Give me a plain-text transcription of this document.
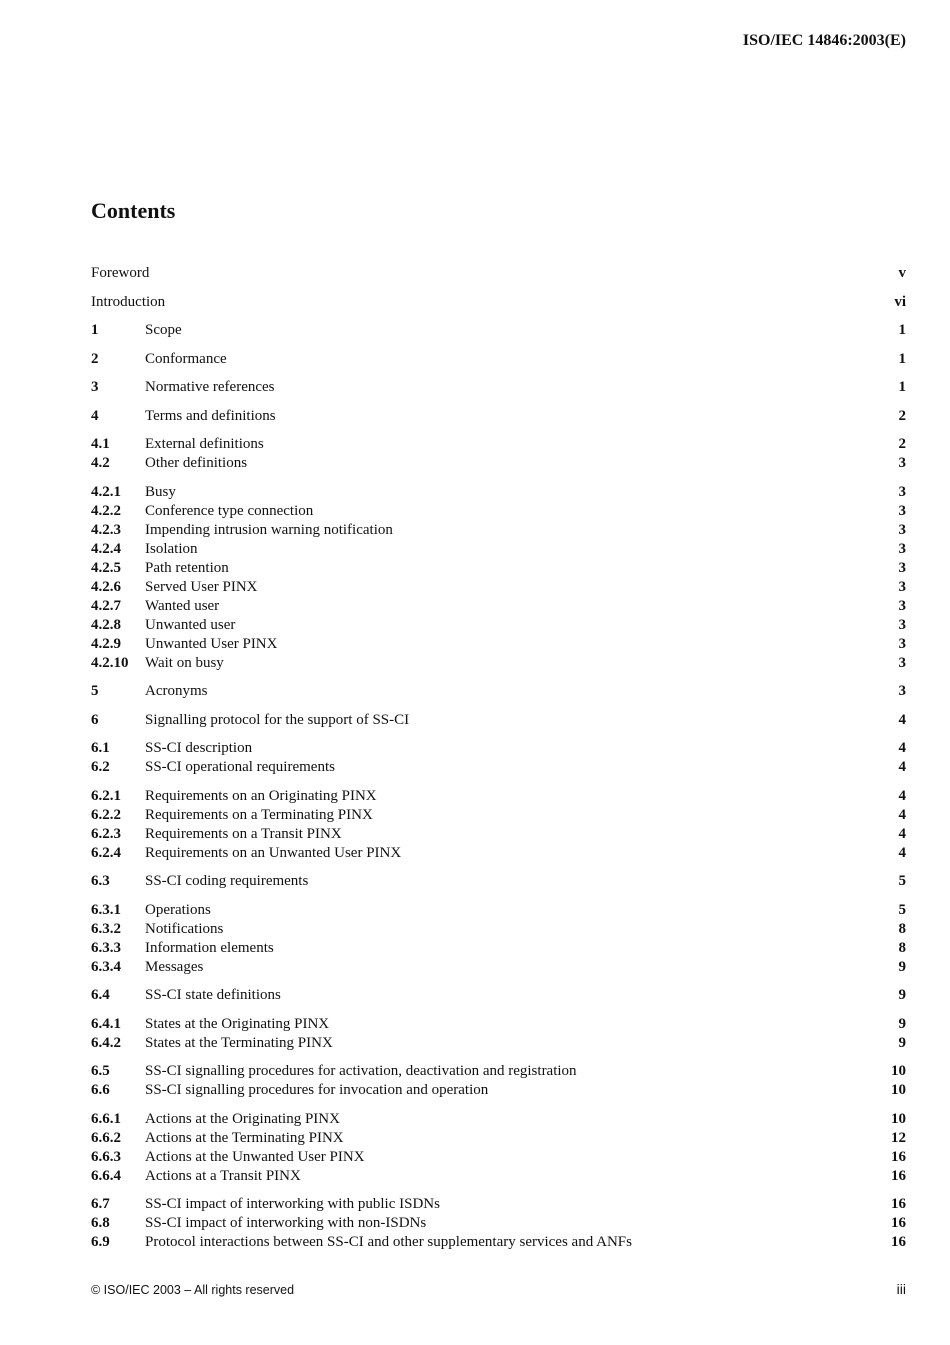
ISO/IEC 14846:2003(E)
Contents
Foreword	v
Introduction	vi
1	Scope	1
2	Conformance	1
3	Normative references	1
4	Terms and definitions	2
4.1	External definitions	2
4.2	Other definitions	3
4.2.1	Busy	3
4.2.2	Conference type connection	3
4.2.3	Impending intrusion warning notification	3
4.2.4	Isolation	3
4.2.5	Path retention	3
4.2.6	Served User PINX	3
4.2.7	Wanted user	3
4.2.8	Unwanted user	3
4.2.9	Unwanted User PINX	3
4.2.10	Wait on busy	3
5	Acronyms	3
6	Signalling protocol for the support of SS-CI	4
6.1	SS-CI description	4
6.2	SS-CI operational requirements	4
6.2.1	Requirements on an Originating PINX	4
6.2.2	Requirements on a Terminating PINX	4
6.2.3	Requirements on a Transit PINX	4
6.2.4	Requirements on an Unwanted User PINX	4
6.3	SS-CI coding requirements	5
6.3.1	Operations	5
6.3.2	Notifications	8
6.3.3	Information elements	8
6.3.4	Messages	9
6.4	SS-CI state definitions	9
6.4.1	States at the Originating PINX	9
6.4.2	States at the Terminating PINX	9
6.5	SS-CI signalling procedures for activation, deactivation and registration	10
6.6	SS-CI signalling procedures for invocation and operation	10
6.6.1	Actions at the Originating PINX	10
6.6.2	Actions at the Terminating PINX	12
6.6.3	Actions at the Unwanted User PINX	16
6.6.4	Actions at a Transit PINX	16
6.7	SS-CI impact of interworking with public ISDNs	16
6.8	SS-CI impact of interworking with non-ISDNs	16
6.9	Protocol interactions between SS-CI and other supplementary services and ANFs	16
© ISO/IEC 2003 – All rights reserved	iii
